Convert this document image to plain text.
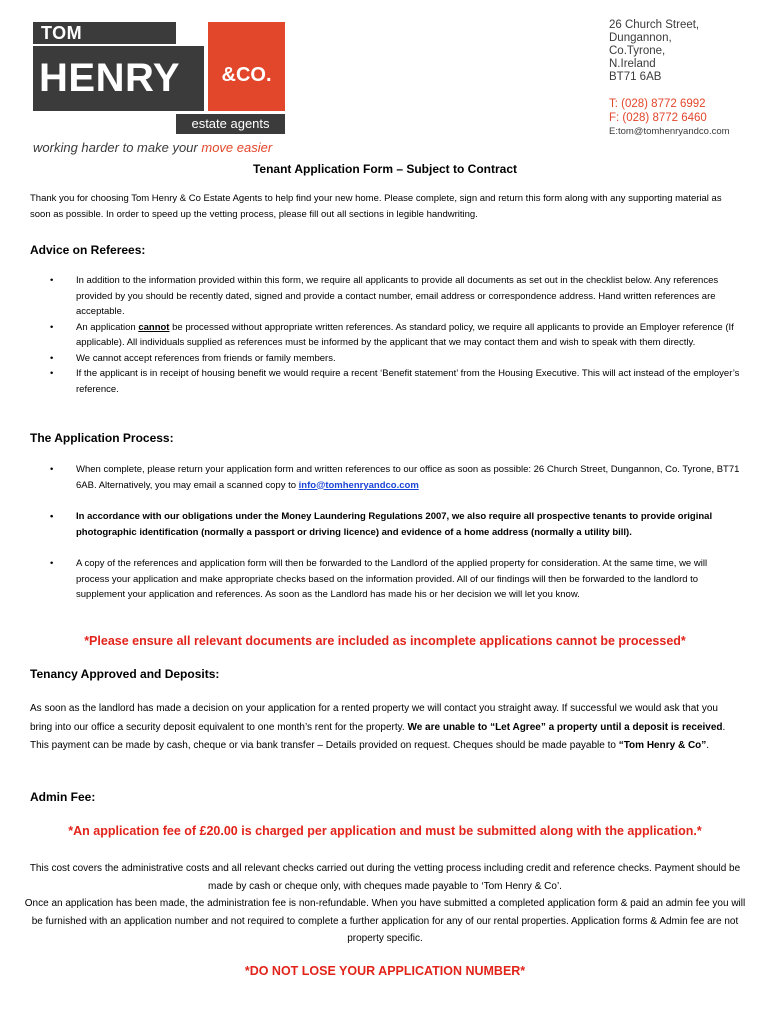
TOM
HENRY	&CO.
estate agents
working harder to make your move easier
26 Church Street,
Dungannon,
Co.Tyrone,
N.Ireland
BT71 6AB
T: (028) 8772 6992
F: (028) 8772 6460
E:tom@tomhenryandco.com
Tenant Application Form – Subject to Contract
Thank you for choosing Tom Henry & Co Estate Agents to help find your new home. Please complete, sign and return this form along with any supporting material as soon as possible. In order to speed up the vetting process, please fill out all sections in legible handwriting.
Advice on Referees:
• In addition to the information provided within this form, we require all applicants to provide all documents as set out in the checklist below. Any references provided by you should be recently dated, signed and provide a contact number, email address or correspondence address. Hand written references are acceptable.
• An application cannot be processed without appropriate written references. As standard policy, we require all applicants to provide an Employer reference (If applicable). All individuals supplied as references must be informed by the applicant that we may contact them and wish to speak with them directly.
• We cannot accept references from friends or family members.
• If the applicant is in receipt of housing benefit we would require a recent ‘Benefit statement’ from the Housing Executive. This will act instead of the employer’s reference.
The Application Process:
• When complete, please return your application form and written references to our office as soon as possible: 26 Church Street, Dungannon, Co. Tyrone, BT71 6AB. Alternatively, you may email a scanned copy to info@tomhenryandco.com
• In accordance with our obligations under the Money Laundering Regulations 2007, we also require all prospective tenants to provide original photographic identification (normally a passport or driving licence) and evidence of a home address (normally a utility bill).
• A copy of the references and application form will then be forwarded to the Landlord of the applied property for consideration. At the same time, we will process your application and make appropriate checks based on the information provided. All of our findings will then be forwarded to the landlord to supplement your application and references. As soon as the Landlord has made his or her decision we will let you know.
*Please ensure all relevant documents are included as incomplete applications cannot be processed*
Tenancy Approved and Deposits:
As soon as the landlord has made a decision on your application for a rented property we will contact you straight away. If successful we would ask that you bring into our office a security deposit equivalent to one month’s rent for the property. We are unable to “Let Agree” a property until a deposit is received. This payment can be made by cash, cheque or via bank transfer – Details provided on request. Cheques should be made payable to “Tom Henry & Co”.
Admin Fee:
*An application fee of £20.00 is charged per application and must be submitted along with the application.*
This cost covers the administrative costs and all relevant checks carried out during the vetting process including credit and reference checks. Payment should be made by cash or cheque only, with cheques made payable to ‘Tom Henry & Co’.
Once an application has been made, the administration fee is non-refundable. When you have submitted a completed application form & paid an admin fee you will be furnished with an application number and not required to complete a further application for any of our rental properties. Application forms & Admin fee are not property specific.
*DO NOT LOSE YOUR APPLICATION NUMBER*
